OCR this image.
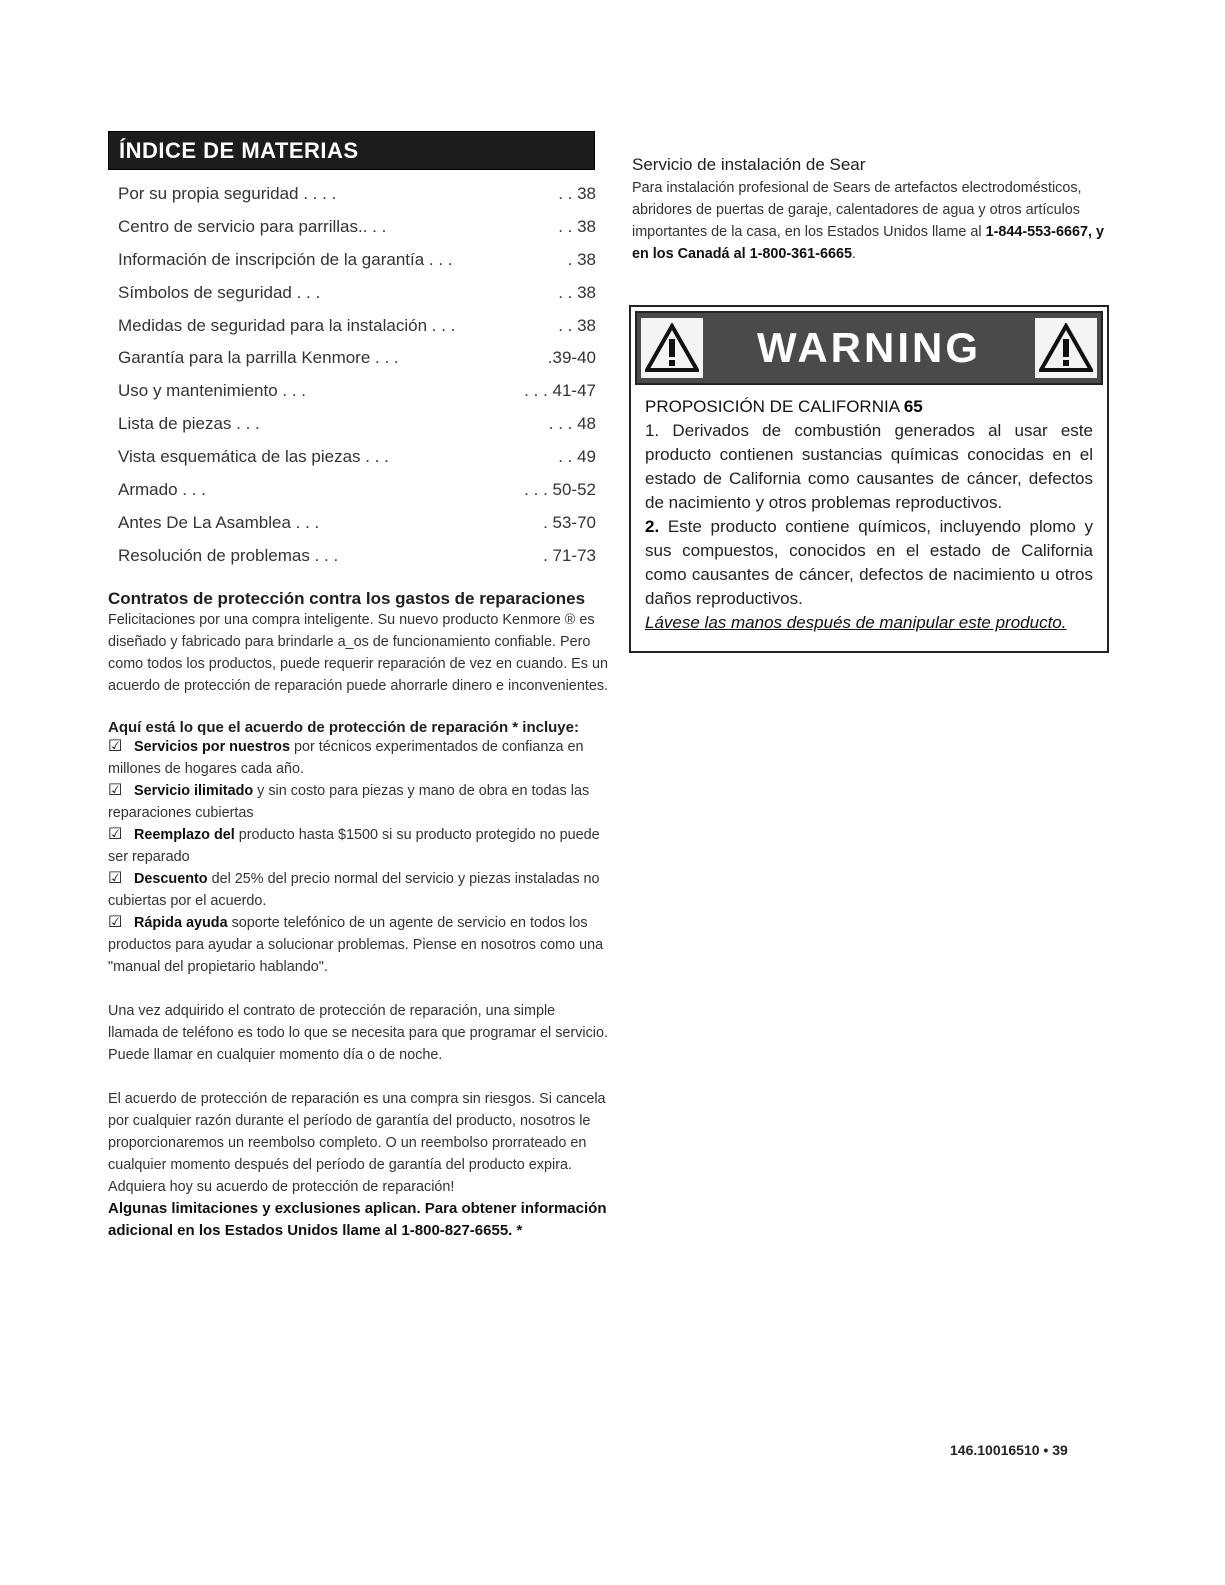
ÍNDICE DE MATERIAS
Por su propia seguridad . . . .	. . 38
Centro de servicio para parrillas.. . .	. . 38
Información de inscripción de la garantía . . .	. 38
Símbolos de seguridad . . .	. . 38
Medidas de seguridad para la instalación . . .	. . 38
Garantía para la parrilla Kenmore . . .	.39-40
Uso y mantenimiento . . .	. . . 41-47
Lista de piezas . . .	. . . 48
Vista esquemática de las piezas . . .	. . 49
Armado . . .	. . . 50-52
Antes De La Asamblea . . .	. 53-70
Resolución de problemas . . .	. 71-73

Contratos de protección contra los gastos de reparaciones

Felicitaciones por una compra inteligente. Su nuevo producto Kenmore ® es diseñado y fabricado para brindarle a_os de funcionamiento confiable. Pero como todos los productos, puede requerir reparación de vez en cuando. Es un acuerdo de protección de reparación puede ahorrarle dinero e inconvenientes.

Aquí está lo que el acuerdo de protección de reparación * incluye:

☑ Servicios por nuestros por técnicos experimentados de confianza en millones de hogares cada año.
☑ Servicio ilimitado y sin costo para piezas y mano de obra en todas las reparaciones cubiertas
☑ Reemplazo del producto hasta $1500 si su producto protegido no puede ser reparado
☑ Descuento del 25% del precio normal del servicio y piezas instaladas no cubiertas por el acuerdo.
☑ Rápida ayuda soporte telefónico de un agente de servicio en todos los productos para ayudar a solucionar problemas. Piense en nosotros como una "manual del propietario hablando".

Una vez adquirido el contrato de protección de reparación, una simple llamada de teléfono es todo lo que se necesita para que programar el servicio. Puede llamar en cualquier momento día o de noche.

El acuerdo de protección de reparación es una compra sin riesgos. Si cancela por cualquier razón durante el período de garantía del producto, nosotros le proporcionaremos un reembolso completo. O un reembolso prorrateado en cualquier momento después del período de garantía del producto expira. Adquiera hoy su acuerdo de protección de reparación!

Algunas limitaciones y exclusiones aplican. Para obtener información adicional en los Estados Unidos llame al 1-800-827-6655. *

Servicio de instalación de Sear

Para instalación profesional de Sears de artefactos electrodomésticos, abridores de puertas de garaje, calentadores de agua y otros artículos importantes de la casa, en los Estados Unidos llame al 1-844-553-6667, y en los Canadá al 1-800-361-6665.

WARNING

PROPOSICIÓN DE CALIFORNIA 65

1. Derivados de combustión generados al usar este producto contienen sustancias químicas conocidas en el estado de California como causantes de cáncer, defectos de nacimiento y otros problemas reproductivos.

2. Este producto contiene químicos, incluyendo plomo y sus compuestos, conocidos en el estado de California como causantes de cáncer, defectos de nacimiento u otros daños reproductivos.

Lávese las manos después de manipular este producto.

146.10016510 • 39
